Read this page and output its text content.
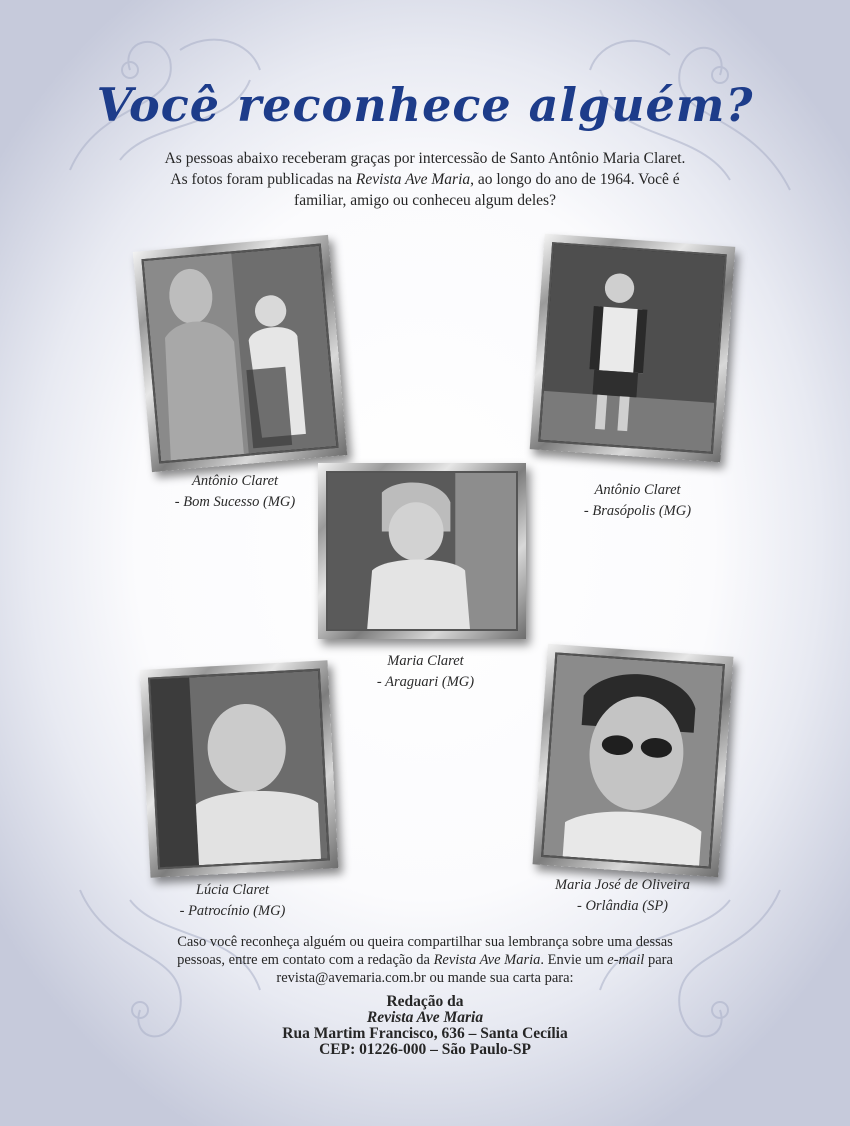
Você reconhece alguém?
As pessoas abaixo receberam graças por intercessão de Santo Antônio Maria Claret.
As fotos foram publicadas na Revista Ave Maria, ao longo do ano de 1964. Você é
familiar, amigo ou conheceu algum deles?
Antônio Claret
- Bom Sucesso (MG)
Antônio Claret
- Brasópolis (MG)
Maria Claret
- Araguari (MG)
Lúcia Claret
- Patrocínio (MG)
Maria José de Oliveira
- Orlândia (SP)
Caso você reconheça alguém ou queira compartilhar sua lembrança sobre uma dessas
pessoas, entre em contato com a redação da Revista Ave Maria. Envie um e-mail para
revista@avemaria.com.br ou mande sua carta para:
Redação da
Revista Ave Maria
Rua Martim Francisco, 636 – Santa Cecília
CEP: 01226-000 – São Paulo-SP
